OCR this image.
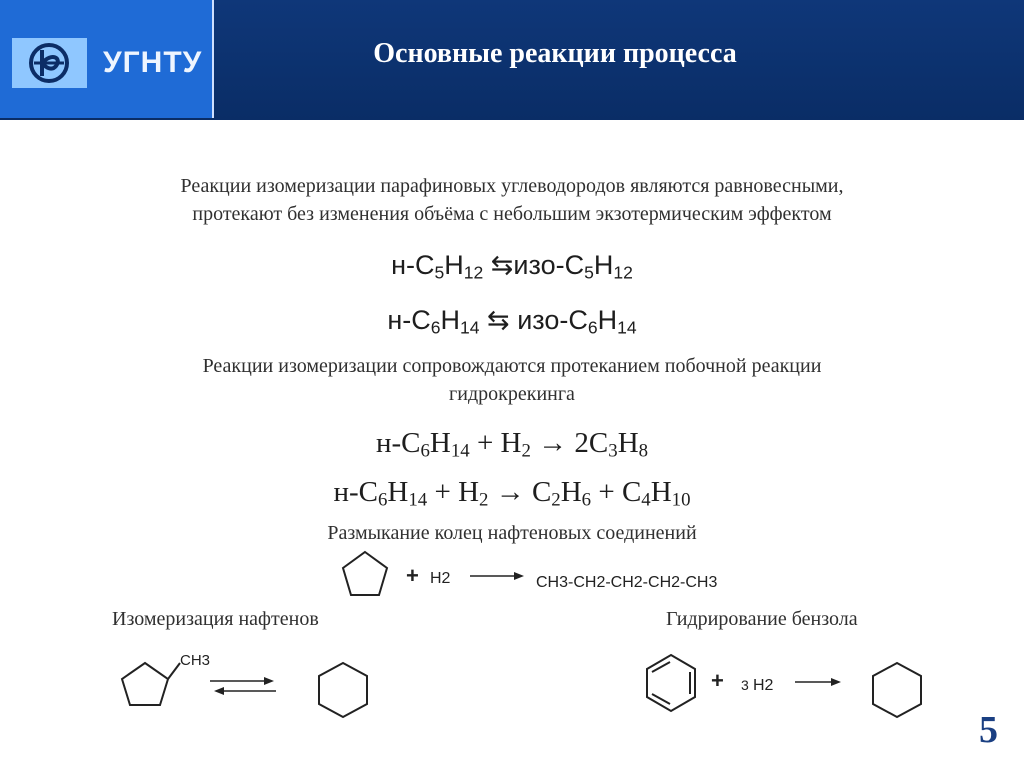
УГНТУ	Основные реакции процесса
Реакции изомеризации парафиновых углеводородов являются равновесными,
протекают без изменения объёма с небольшим экзотермическим эффектом
$н-С_5Н_{12}$ $⇆изо-С_5Н_{12}$
$н-С_6Н_{14}$ ⇆ изо-$С_6Н_{14}$
Реакции изомеризации сопровождаются протеканием побочной реакции
гидрокрекинга
$н-C_6H_{14} + H_2 \to 2C_3H_8$
$н-C_6H_{14} + H_2 \to C_2H_6 + C_4H_{10}$
Размыкание колец нафтеновых соединений
+ H2	CH3-CH2-CH2-CH2-CH3
Изомеризация нафтенов	Гидрирование бензола
CH3
+ 3 H2
5
